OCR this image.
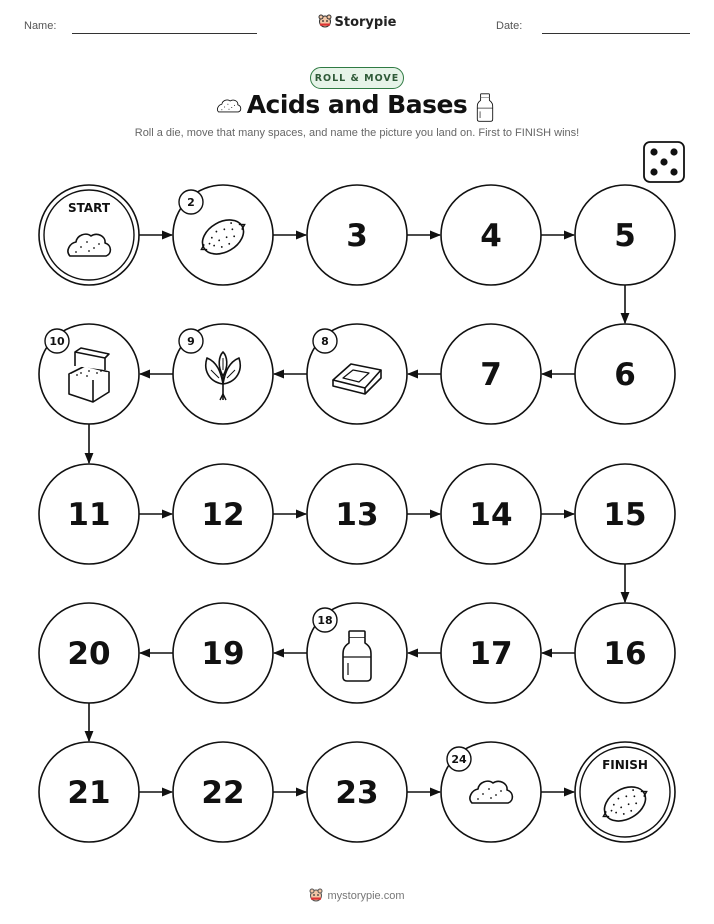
Name:	Storypie	Date:
ROLL & MOVE
Acids and Bases
Roll a die, move that many spaces, and name the picture you land on. First to FINISH wins!
START	2
3	4	5
6
7
8
9
10
11	12	13	14	15
16
17
18
19
20
21	22	23
24	FINISH
mystorypie.com
